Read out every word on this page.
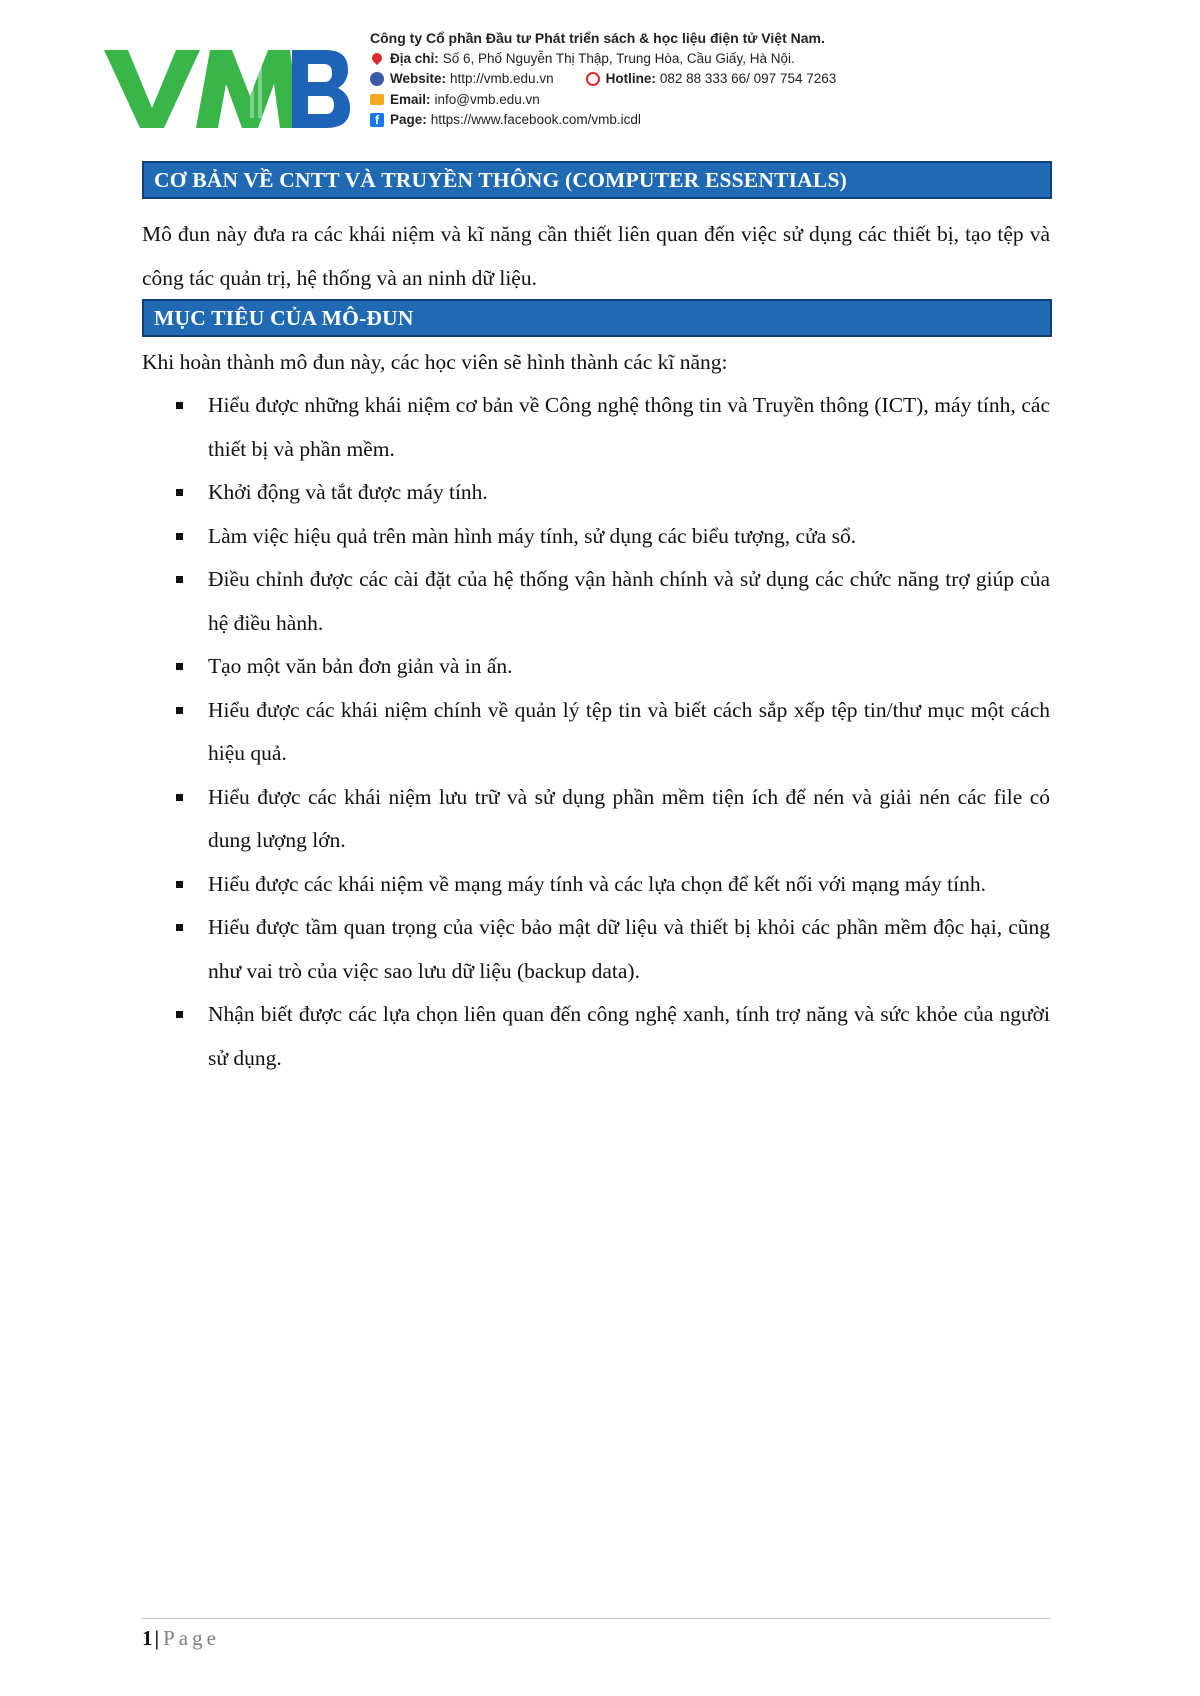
Công ty Cổ phần Đầu tư Phát triển sách & học liệu điện tử Việt Nam.
Địa chỉ: Số 6, Phố Nguyễn Thị Thập, Trung Hòa, Cầu Giấy, Hà Nội.
Website: http://vmb.edu.vn	Hotline: 082 88 333 66/ 097 754 7263
Email: info@vmb.edu.vn
f Page: https://www.facebook.com/vmb.icdl
CƠ BẢN VỀ CNTT VÀ TRUYỀN THÔNG (COMPUTER ESSENTIALS)
Mô đun này đưa ra các khái niệm và kĩ năng cần thiết liên quan đến việc sử dụng các thiết bị, tạo tệp và công tác quản trị, hệ thống và an ninh dữ liệu.
MỤC TIÊU CỦA MÔ-ĐUN
Khi hoàn thành mô đun này, các học viên sẽ hình thành các kĩ năng:
Hiểu được những khái niệm cơ bản về Công nghệ thông tin và Truyền thông (ICT), máy tính, các thiết bị và phần mềm.
Khởi động và tắt được máy tính.
Làm việc hiệu quả trên màn hình máy tính, sử dụng các biểu tượng, cửa sổ.
Điều chỉnh được các cài đặt của hệ thống vận hành chính và sử dụng các chức năng trợ giúp của hệ điều hành.
Tạo một văn bản đơn giản và in ấn.
Hiểu được các khái niệm chính về quản lý tệp tin và biết cách sắp xếp tệp tin/thư mục một cách hiệu quả.
Hiểu được các khái niệm lưu trữ và sử dụng phần mềm tiện ích để nén và giải nén các file có dung lượng lớn.
Hiểu được các khái niệm về mạng máy tính và các lựa chọn để kết nối với mạng máy tính.
Hiểu được tầm quan trọng của việc bảo mật dữ liệu và thiết bị khỏi các phần mềm độc hại, cũng như vai trò của việc sao lưu dữ liệu (backup data).
Nhận biết được các lựa chọn liên quan đến công nghệ xanh, tính trợ năng và sức khỏe của người sử dụng.
1| Page
